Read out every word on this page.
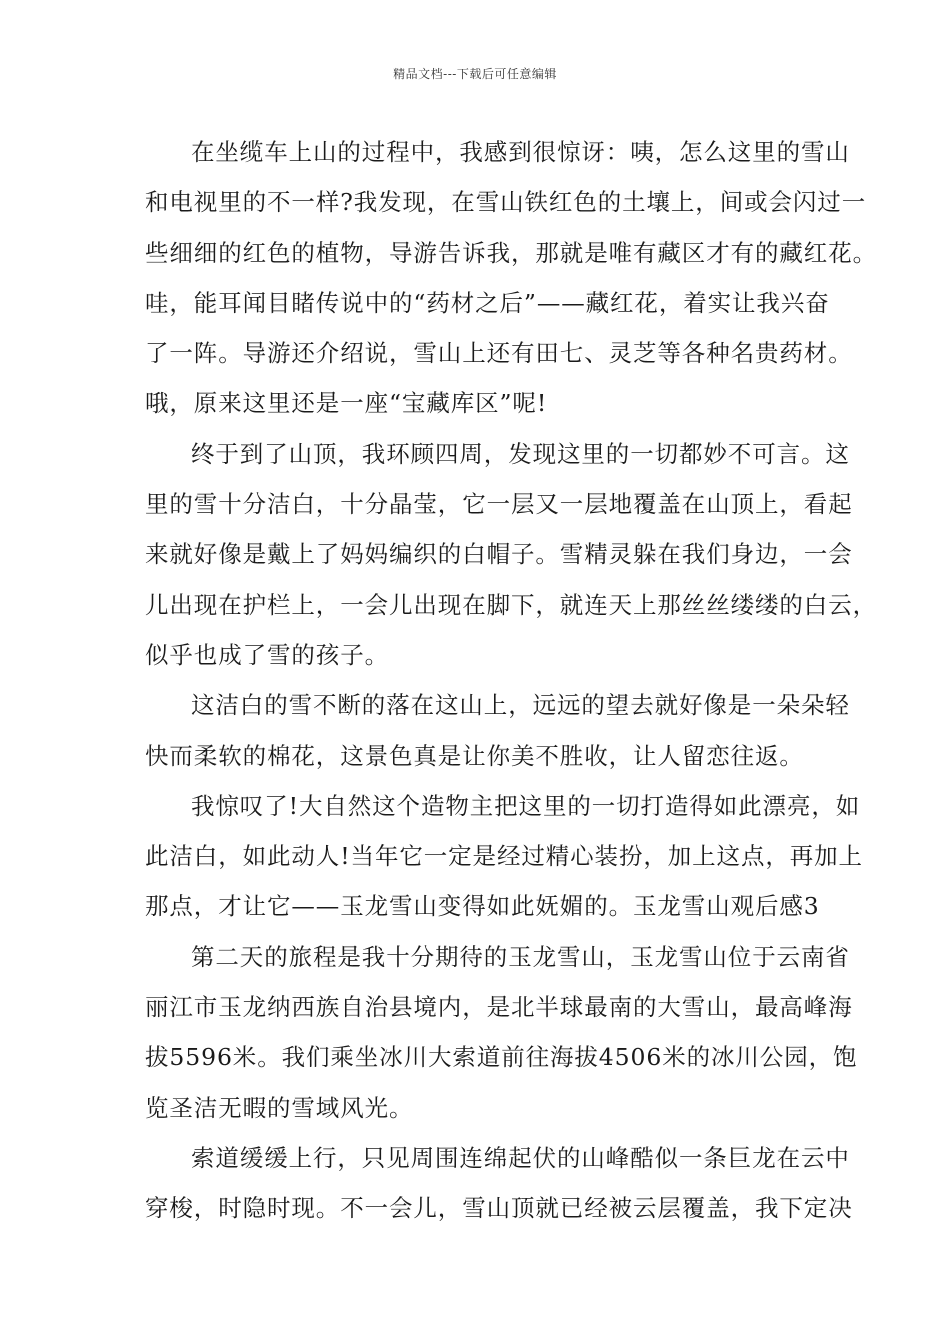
精品文档---下载后可任意编辑
在坐缆车上山的过程中，我感到很惊讶：咦，怎么这里的雪山
和电视里的不一样?我发现，在雪山铁红色的土壤上，间或会闪过一
些细细的红色的植物，导游告诉我，那就是唯有藏区才有的藏红花。
哇，能耳闻目睹传说中的“药材之后”——藏红花，着实让我兴奋
了一阵。导游还介绍说，雪山上还有田七、灵芝等各种名贵药材。
哦，原来这里还是一座“宝藏库区”呢!
终于到了山顶，我环顾四周，发现这里的一切都妙不可言。这
里的雪十分洁白，十分晶莹，它一层又一层地覆盖在山顶上，看起
来就好像是戴上了妈妈编织的白帽子。雪精灵躲在我们身边，一会
儿出现在护栏上，一会儿出现在脚下，就连天上那丝丝缕缕的白云，
似乎也成了雪的孩子。
这洁白的雪不断的落在这山上，远远的望去就好像是一朵朵轻
快而柔软的棉花，这景色真是让你美不胜收，让人留恋往返。
我惊叹了!大自然这个造物主把这里的一切打造得如此漂亮，如
此洁白，如此动人!当年它一定是经过精心装扮，加上这点，再加上
那点，才让它——玉龙雪山变得如此妩媚的。玉龙雪山观后感3
第二天的旅程是我十分期待的玉龙雪山，玉龙雪山位于云南省
丽江市玉龙纳西族自治县境内，是北半球最南的大雪山，最高峰海
拔5596米。我们乘坐冰川大索道前往海拔4506米的冰川公园，饱
览圣洁无暇的雪域风光。
索道缓缓上行，只见周围连绵起伏的山峰酷似一条巨龙在云中
穿梭，时隐时现。不一会儿，雪山顶就已经被云层覆盖，我下定决
